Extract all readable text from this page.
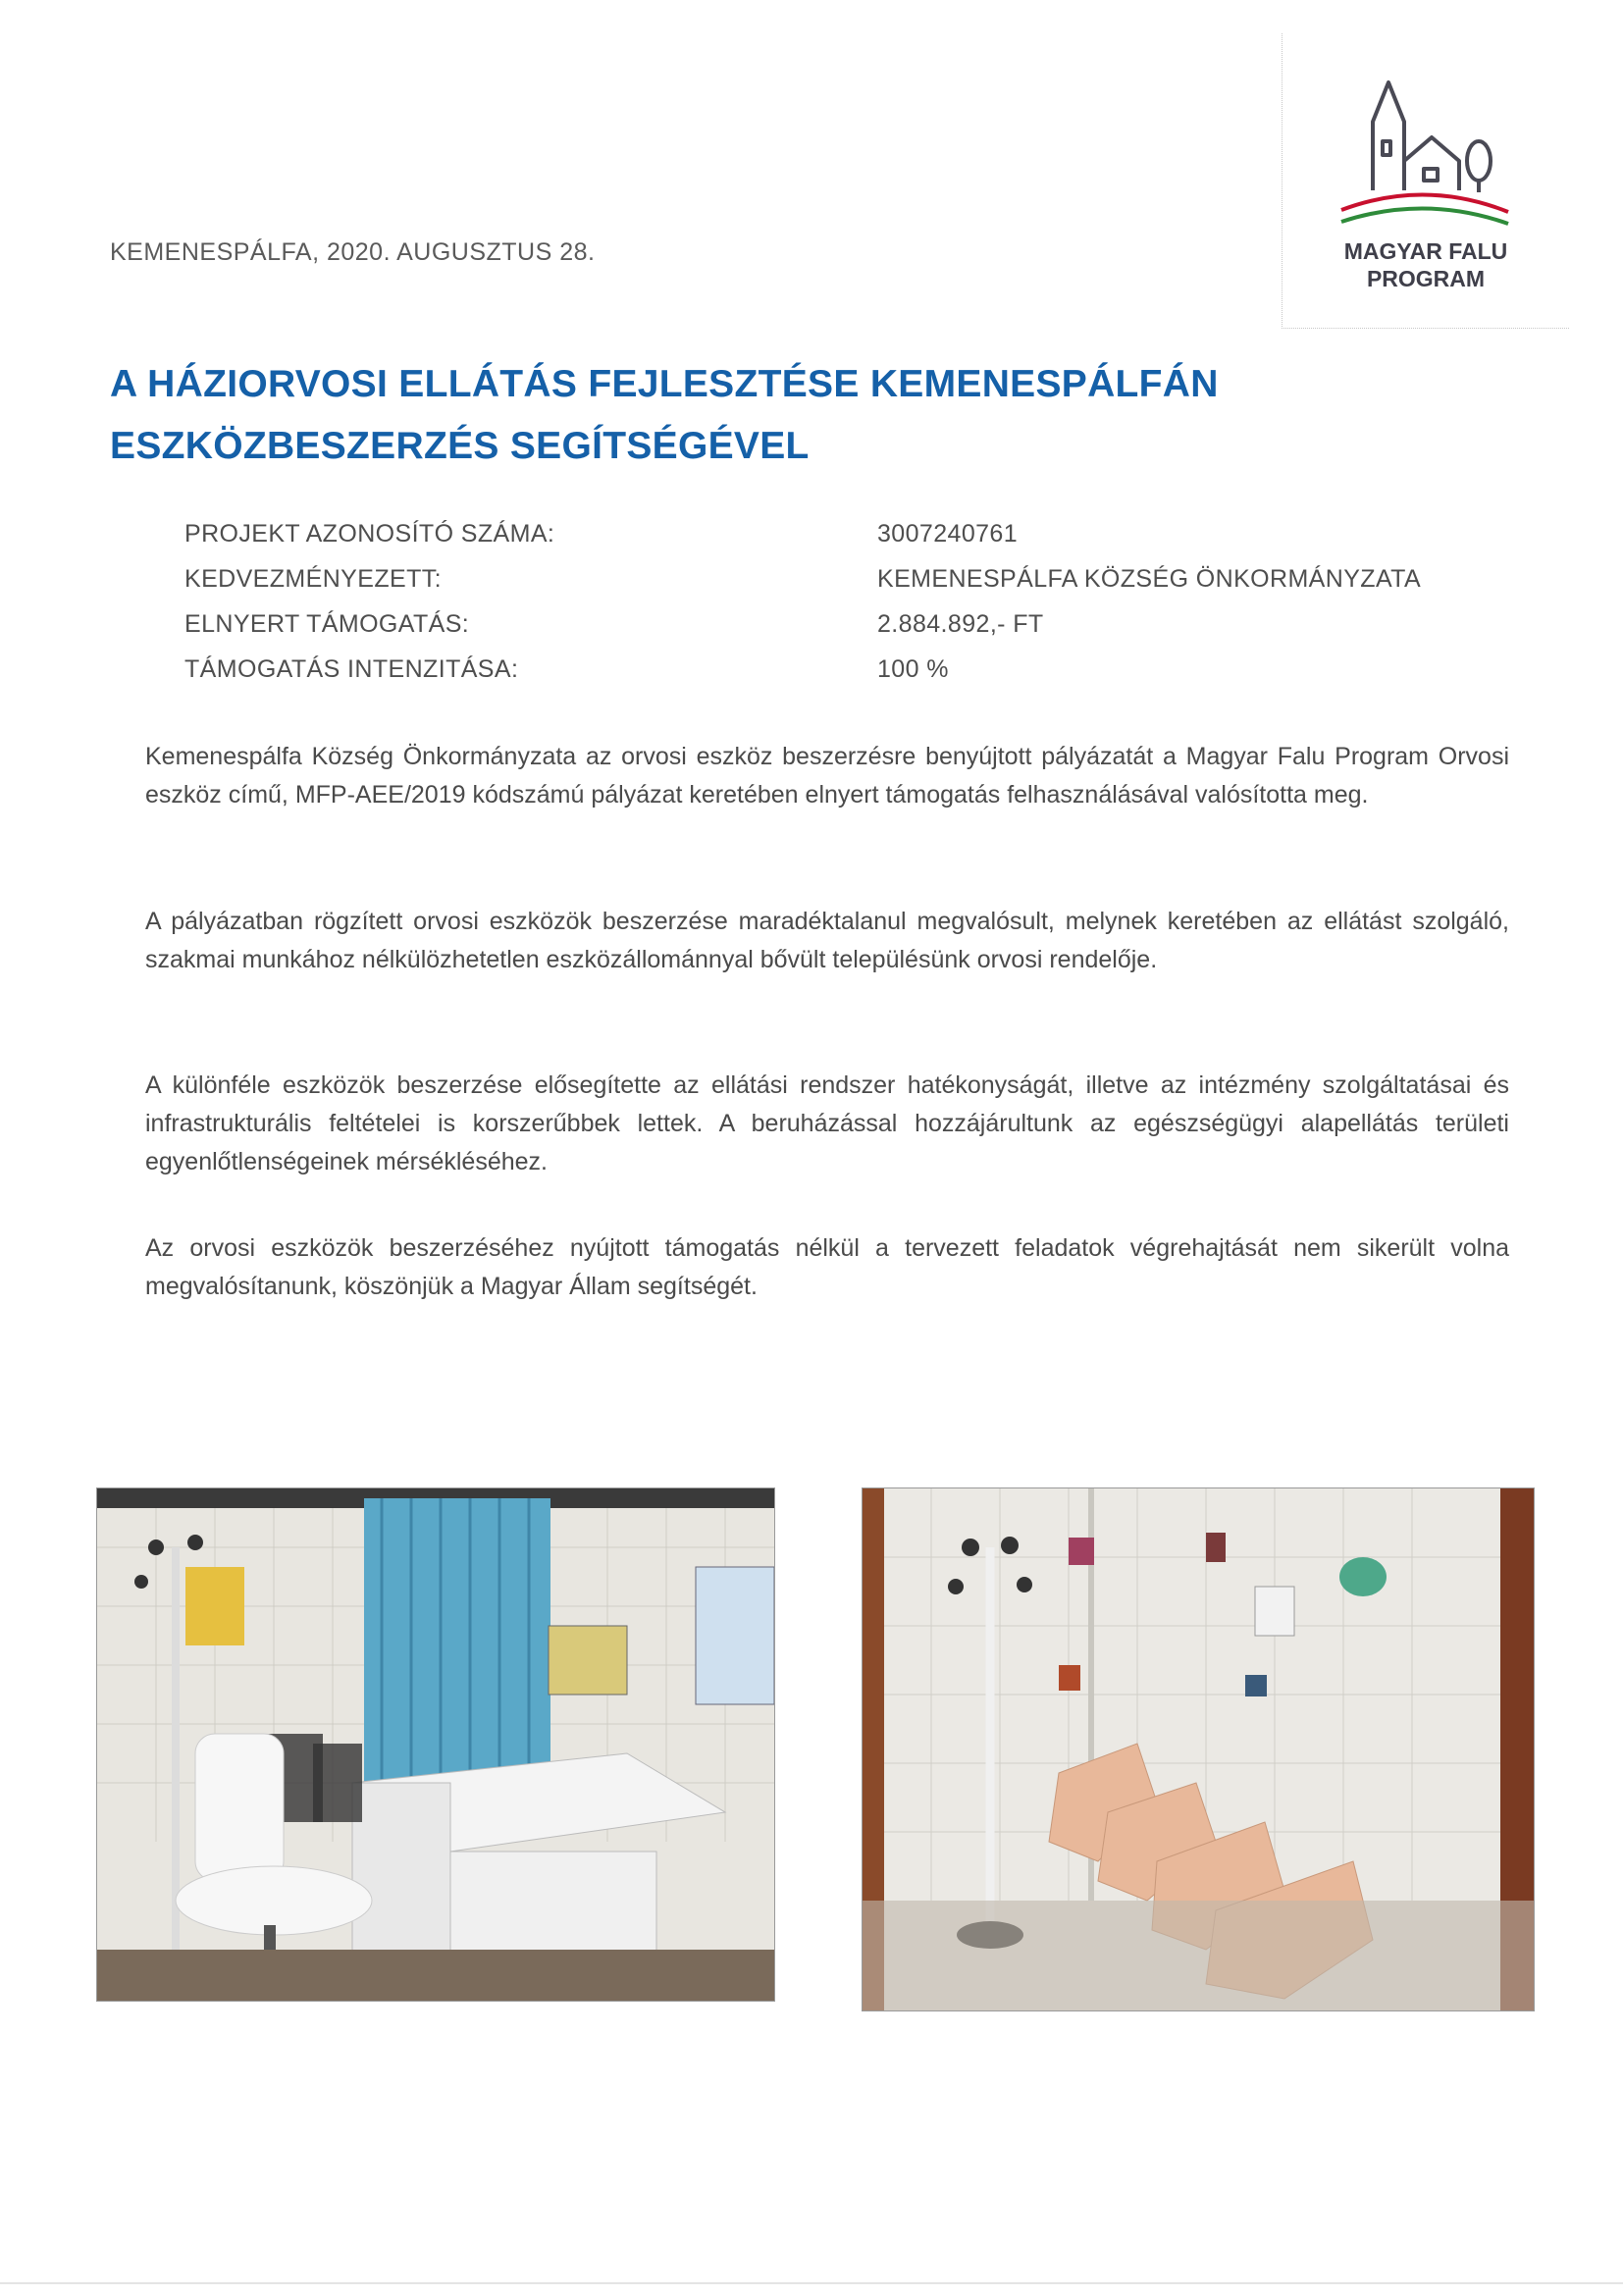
MAGYAR FALU
PROGRAM
KEMENESPÁLFA, 2020. AUGUSZTUS 28.
A HÁZIORVOSI ELLÁTÁS FEJLESZTÉSE KEMENESPÁLFÁN
ESZKÖZBESZERZÉS SEGÍTSÉGÉVEL
PROJEKT AZONOSÍTÓ SZÁMA:	3007240761
KEDVEZMÉNYEZETT:	KEMENESPÁLFA KÖZSÉG ÖNKORMÁNYZATA
ELNYERT TÁMOGATÁS:	2.884.892,- FT
TÁMOGATÁS INTENZITÁSA:	100 %

Kemenespálfa Község Önkormányzata az orvosi eszköz beszerzésre benyújtott pályázatát a Magyar Falu Program Orvosi eszköz című, MFP-AEE/2019 kódszámú pályázat keretében elnyert támogatás felhasználásával valósította meg.

A pályázatban rögzített orvosi eszközök beszerzése maradéktalanul megvalósult, melynek keretében az ellátást szolgáló, szakmai munkához nélkülözhetetlen eszközállománnyal bővült településünk orvosi rendelője.

A különféle eszközök beszerzése elősegítette az ellátási rendszer hatékonyságát, illetve az intézmény szolgáltatásai és infrastrukturális feltételei is korszerűbbek lettek. A beruházással hozzájárultunk az egészségügyi alapellátás területi egyenlőtlenségeinek mérsékléséhez.

Az orvosi eszközök beszerzéséhez nyújtott támogatás nélkül a tervezett feladatok végrehajtását nem sikerült volna megvalósítanunk, köszönjük a Magyar Állam segítségét.
